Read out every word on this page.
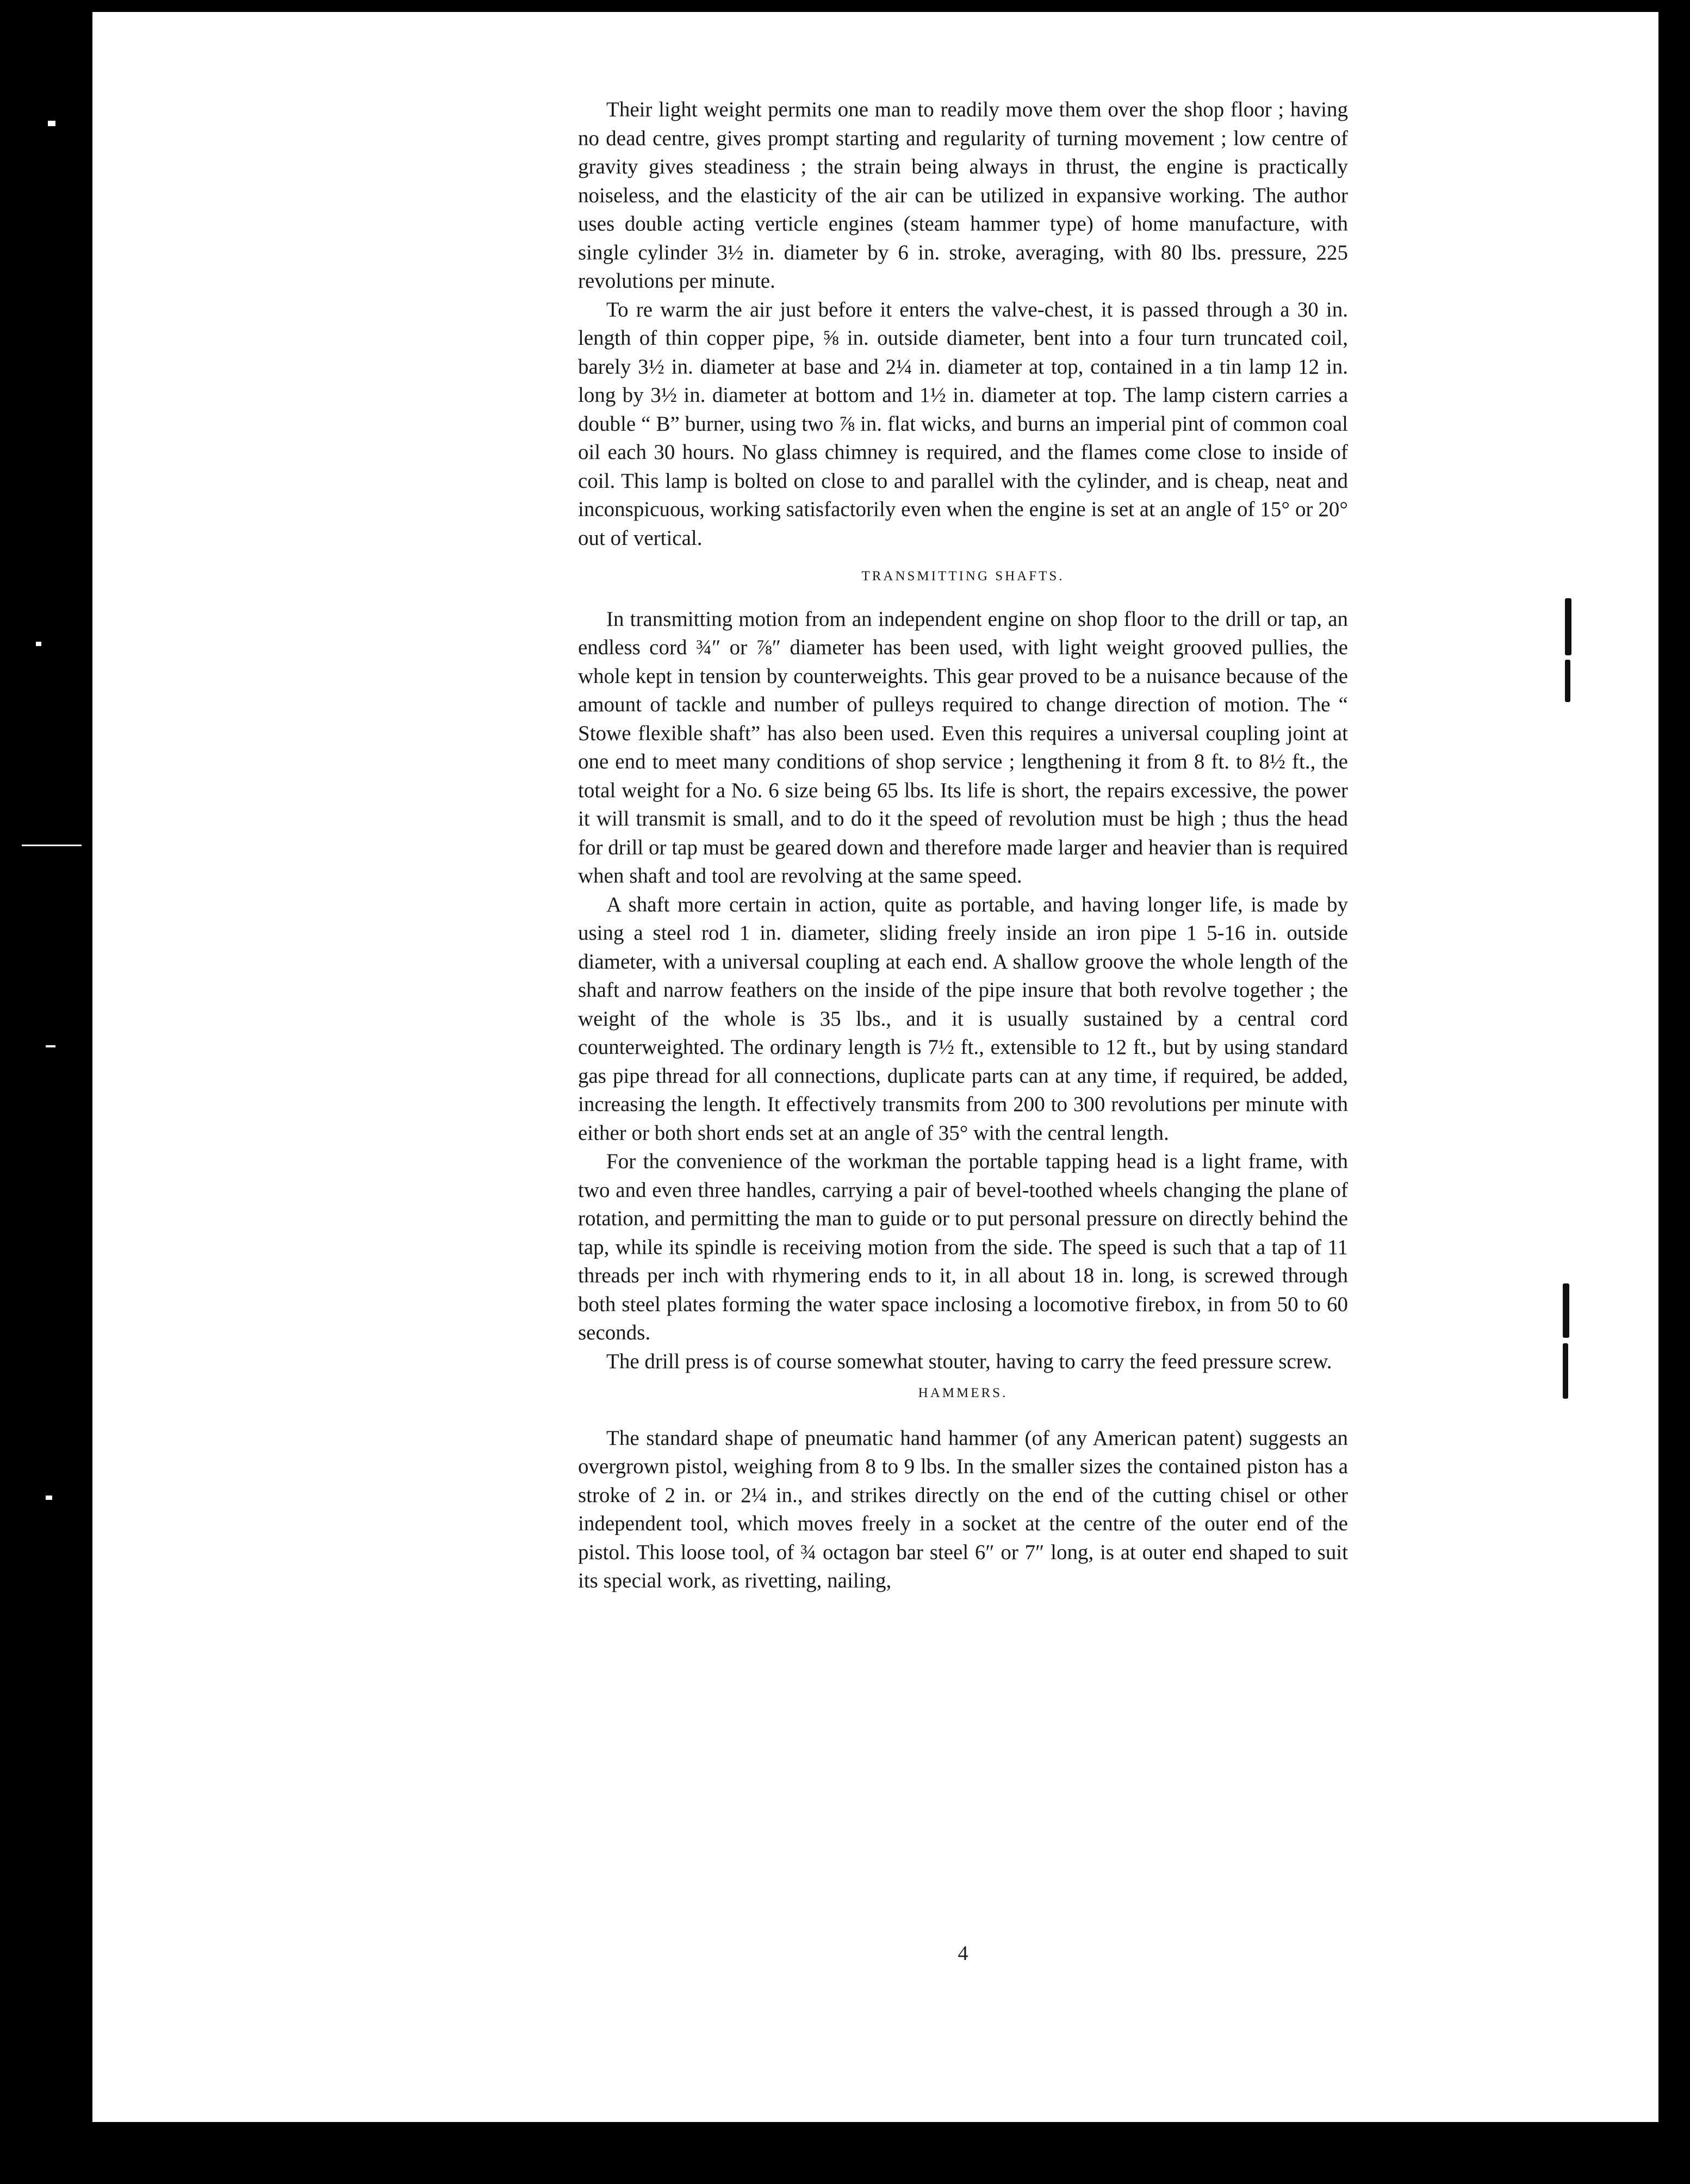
Their light weight permits one man to readily move them over the shop floor ; having no dead centre, gives prompt starting and regularity of turning movement ; low centre of gravity gives steadiness ; the strain being always in thrust, the engine is practically noiseless, and the elasticity of the air can be utilized in expansive working. The author uses double acting verticle engines (steam hammer type) of home manufacture, with single cylinder 3½ in. diameter by 6 in. stroke, averaging, with 80 lbs. pressure, 225 revolutions per minute.

To re warm the air just before it enters the valve-chest, it is passed through a 30 in. length of thin copper pipe, ⅝ in. outside diameter, bent into a four turn truncated coil, barely 3½ in. diameter at base and 2¼ in. diameter at top, contained in a tin lamp 12 in. long by 3½ in. diameter at bottom and 1½ in. diameter at top. The lamp cistern carries a double “ B” burner, using two ⅞ in. flat wicks, and burns an imperial pint of common coal oil each 30 hours. No glass chimney is required, and the flames come close to inside of coil. This lamp is bolted on close to and parallel with the cylinder, and is cheap, neat and inconspicuous, working satisfactorily even when the engine is set at an angle of 15° or 20° out of vertical.

TRANSMITTING SHAFTS.

In transmitting motion from an independent engine on shop floor to the drill or tap, an endless cord ¾″ or ⅞″ diameter has been used, with light weight grooved pullies, the whole kept in tension by counterweights. This gear proved to be a nuisance because of the amount of tackle and number of pulleys required to change direction of motion. The “ Stowe flexible shaft” has also been used. Even this requires a universal coupling joint at one end to meet many conditions of shop service ; lengthening it from 8 ft. to 8½ ft., the total weight for a No. 6 size being 65 lbs. Its life is short, the repairs excessive, the power it will transmit is small, and to do it the speed of revolution must be high ; thus the head for drill or tap must be geared down and therefore made larger and heavier than is required when shaft and tool are revolving at the same speed.

A shaft more certain in action, quite as portable, and having longer life, is made by using a steel rod 1 in. diameter, sliding freely inside an iron pipe 1 5-16 in. outside diameter, with a universal coupling at each end. A shallow groove the whole length of the shaft and narrow feathers on the inside of the pipe insure that both revolve together ; the weight of the whole is 35 lbs., and it is usually sustained by a central cord counterweighted. The ordinary length is 7½ ft., extensible to 12 ft., but by using standard gas pipe thread for all connections, duplicate parts can at any time, if required, be added, increasing the length. It effectively transmits from 200 to 300 revolutions per minute with either or both short ends set at an angle of 35° with the central length.

For the convenience of the workman the portable tapping head is a light frame, with two and even three handles, carrying a pair of bevel-toothed wheels changing the plane of rotation, and permitting the man to guide or to put personal pressure on directly behind the tap, while its spindle is receiving motion from the side. The speed is such that a tap of 11 threads per inch with rhymering ends to it, in all about 18 in. long, is screwed through both steel plates forming the water space inclosing a locomotive firebox, in from 50 to 60 seconds.

The drill press is of course somewhat stouter, having to carry the feed pressure screw.

HAMMERS.

The standard shape of pneumatic hand hammer (of any American patent) suggests an overgrown pistol, weighing from 8 to 9 lbs. In the smaller sizes the contained piston has a stroke of 2 in. or 2¼ in., and strikes directly on the end of the cutting chisel or other independent tool, which moves freely in a socket at the centre of the outer end of the pistol. This loose tool, of ¾ octagon bar steel 6″ or 7″ long, is at outer end shaped to suit its special work, as rivetting, nailing,

4
